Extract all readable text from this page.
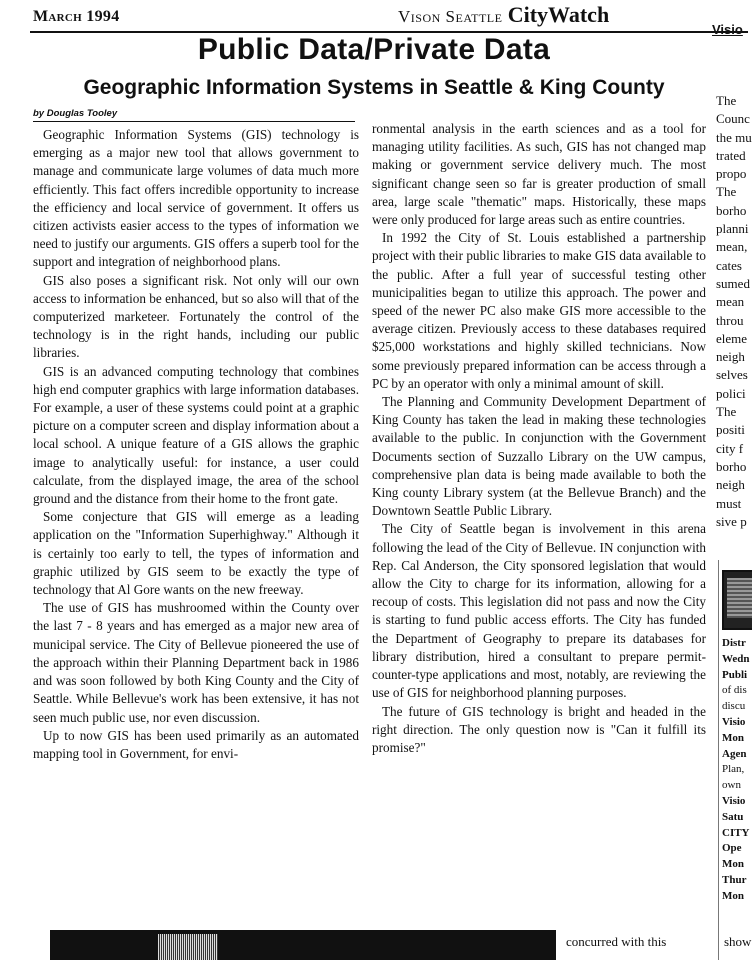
March 1994	Vison Seattle CityWatch
Public Data/Private Data
Geographic Information Systems in Seattle & King County
by Douglas Tooley

Geographic Information Systems (GIS) technology is emerging as a major new tool that allows government to manage and communicate large volumes of data much more efficiently. This fact offers incredible opportunity to increase the efficiency and local service of government. It offers us citizen activists easier access to the types of information we need to justify our arguments. GIS offers a superb tool for the support and integration of neighborhood plans.

GIS also poses a significant risk. Not only will our own access to information be enhanced, but so also will that of the computerized marketeer. Fortunately the control of the technology is in the right hands, including our public libraries.

GIS is an advanced computing technology that combines high end computer graphics with large information databases. For example, a user of these systems could point at a graphic picture on a computer screen and display information about a local school. A unique feature of a GIS allows the graphic image to analytically useful: for instance, a user could calculate, from the displayed image, the area of the school ground and the distance from their home to the front gate.

Some conjecture that GIS will emerge as a leading application on the "Information Superhighway." Although it is certainly too early to tell, the types of information and graphic utilized by GIS seem to be exactly the type of technology that Al Gore wants on the new freeway.

The use of GIS has mushroomed within the County over the last 7 - 8 years and has emerged as a major new area of municipal service. The City of Bellevue pioneered the use of the approach within their Planning Department back in 1986 and was soon followed by both King County and the City of Seattle. While Bellevue's work has been extensive, it has not seen much public use, nor even discussion.

Up to now GIS has been used primarily as an automated mapping tool in Government, for envi-

ronmental analysis in the earth sciences and as a tool for managing utility facilities. As such, GIS has not changed map making or government service delivery much. The most significant change seen so far is greater production of small area, large scale "thematic" maps. Historically, these maps were only produced for large areas such as entire countries.

In 1992 the City of St. Louis established a partnership project with their public libraries to make GIS data available to the public. After a full year of successful testing other municipalities began to utilize this approach. The power and speed of the newer PC also make GIS more accessible to the average citizen. Previously access to these databases required $25,000 workstations and highly skilled technicians. Now some previously prepared information can be access through a PC by an operator with only a minimal amount of skill.

The Planning and Community Development Department of King County has taken the lead in making these technologies available to the public. In conjunction with the Government Documents section of Suzzallo Library on the UW campus, comprehensive plan data is being made available to both the King county Library system (at the Bellevue Branch) and the Downtown Seattle Public Library.

The City of Seattle began is involvement in this arena following the lead of the City of Bellevue. IN conjunction with Rep. Cal Anderson, the City sponsored legislation that would allow the City to charge for its information, allowing for a recoup of costs. This legislation did not pass and now the City is starting to fund public access efforts. The City has funded the Department of Geography to prepare its databases for library distribution, hired a consultant to prepare permit-counter-type applications and most, notably, are reviewing the use of GIS for neighborhood planning purposes.

The future of GIS technology is bright and headed in the right direction. The only question now is "Can it fulfill its promise?"

Visio
The
Counc
the mu
trated
propo
The
borho
planni
mean,
cates
sumed
mean
throu
eleme
neigh
selves
polici
The
positi
city f
borho
neigh
must
sive p
Distr
Wedn
Publi
of dis
discu
Visio
Mon
Agen
Plan,
own
Visio
Satu
CITY
Ope
Mon
Thur
Mon
concurred with this	show
